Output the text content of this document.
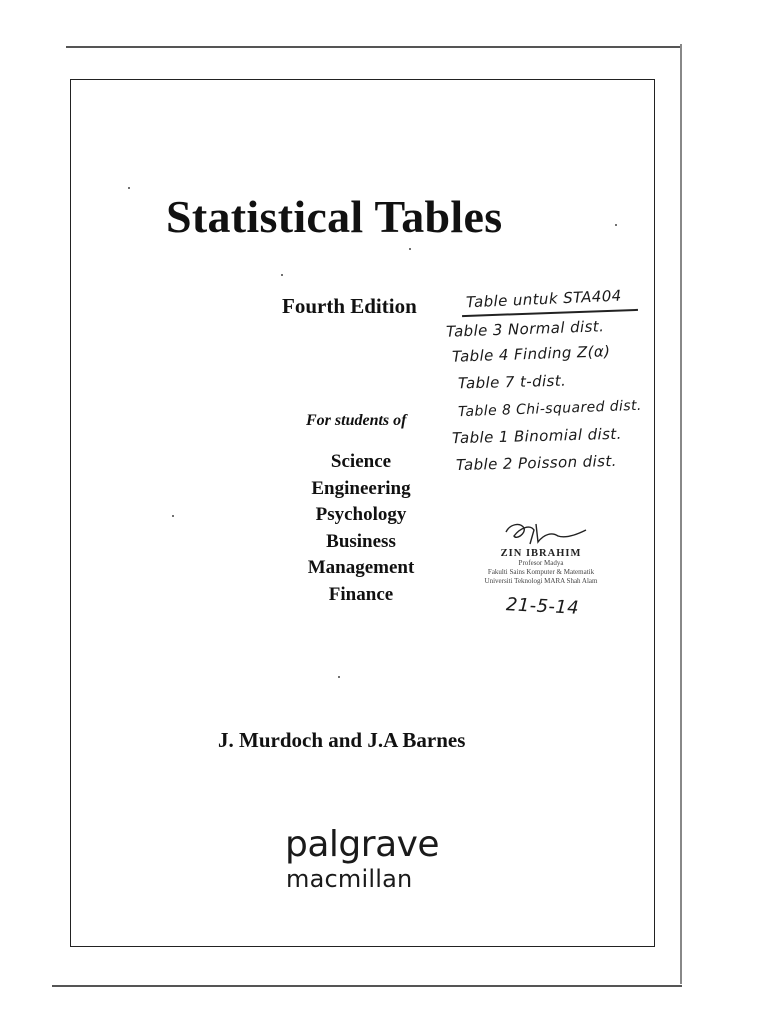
Statistical Tables
Fourth Edition
For students of
Science
Engineering
Psychology
Business
Management
Finance
J. Murdoch and J.A Barnes
palgrave
macmillan
Table untuk STA404
Table 3 Normal dist.
Table 4 Finding Z(α)
Table 7 t-dist.
Table 8 Chi-squared dist.
Table 1 Binomial dist.
Table 2 Poisson dist.
ZIN IBRAHIM
Profesor Madya
Fakulti Sains Komputer & Matematik
Universiti Teknologi MARA Shah Alam
21-5-14
